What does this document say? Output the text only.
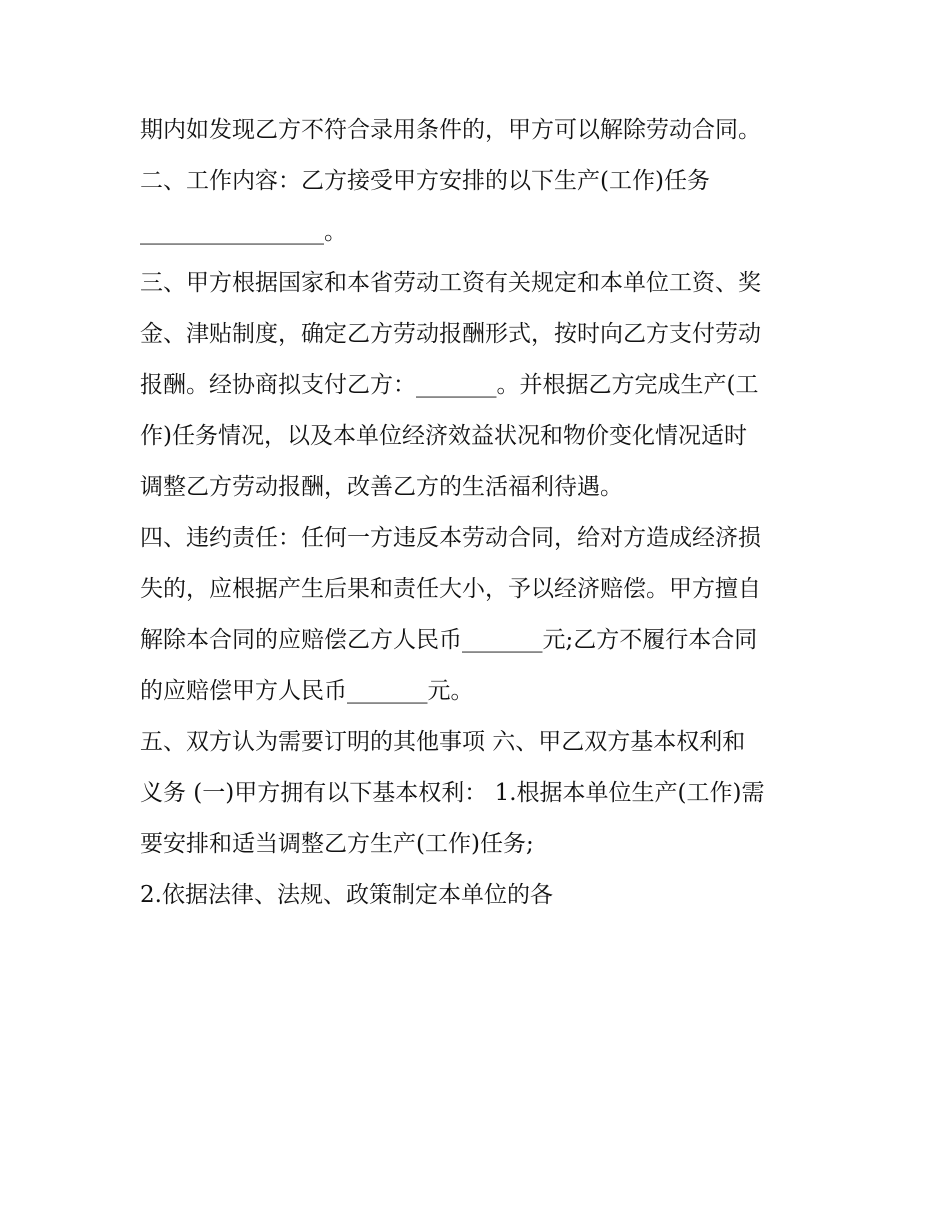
期内如发现乙方不符合录用条件的，甲方可以解除劳动合同。
二、工作内容：乙方接受甲方安排的以下生产(工作)任务
________________。
三、甲方根据国家和本省劳动工资有关规定和本单位工资、奖
金、津贴制度，确定乙方劳动报酬形式，按时向乙方支付劳动
报酬。经协商拟支付乙方：_______。并根据乙方完成生产(工
作)任务情况，以及本单位经济效益状况和物价变化情况适时
调整乙方劳动报酬，改善乙方的生活福利待遇。
四、违约责任：任何一方违反本劳动合同，给对方造成经济损
失的，应根据产生后果和责任大小，予以经济赔偿。甲方擅自
解除本合同的应赔偿乙方人民币_______元;乙方不履行本合同
的应赔偿甲方人民币_______元。
五、双方认为需要订明的其他事项 六、甲乙双方基本权利和
义务 (一)甲方拥有以下基本权利： 1.根据本单位生产(工作)需
要安排和适当调整乙方生产(工作)任务;
2.依据法律、法规、政策制定本单位的各
